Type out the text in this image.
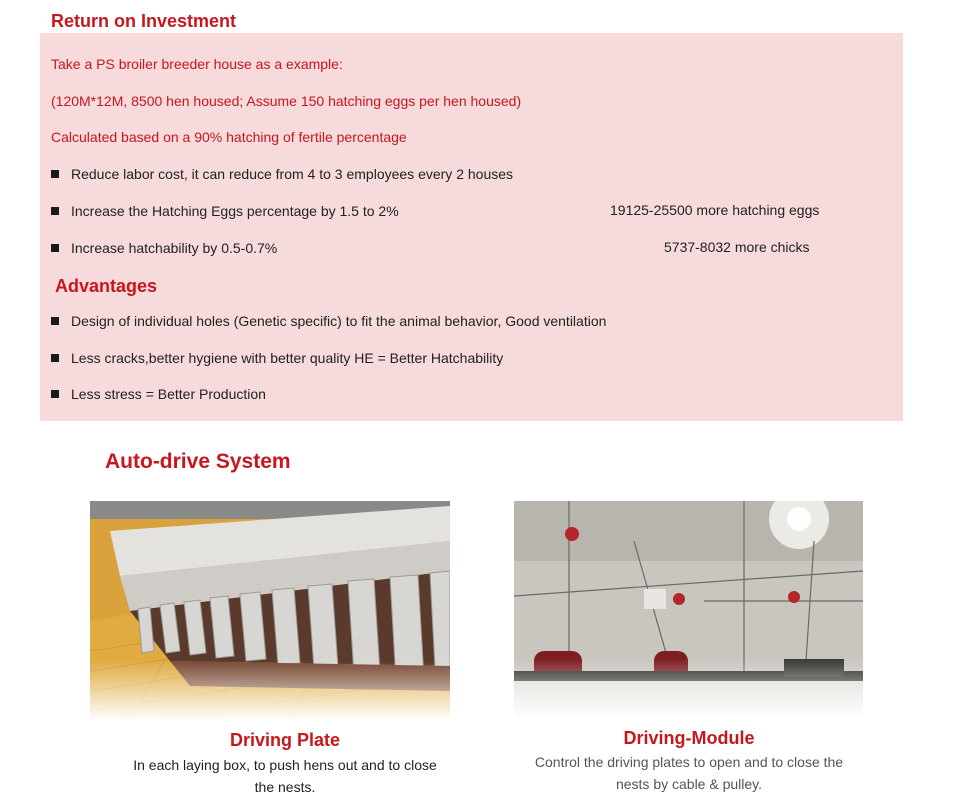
Return on Investment
Take a PS broiler breeder house as a example:
(120M*12M, 8500 hen housed; Assume 150 hatching eggs per hen housed)
Calculated based on a 90% hatching of fertile percentage
Reduce labor cost, it can reduce from 4 to 3 employees every 2 houses
Increase the Hatching Eggs percentage by 1.5 to 2%	19125-25500 more hatching eggs
Increase hatchability by 0.5-0.7%	5737-8032 more chicks
Advantages
Design of individual holes (Genetic specific) to fit the animal behavior, Good ventilation
Less cracks,better hygiene with better quality HE = Better Hatchability
Less stress = Better Production
Auto-drive System
Driving Plate
In each laying box, to push hens out and to close
the nests.
Driving-Module
Control the driving plates to open and to close the
nests by cable & pulley.
